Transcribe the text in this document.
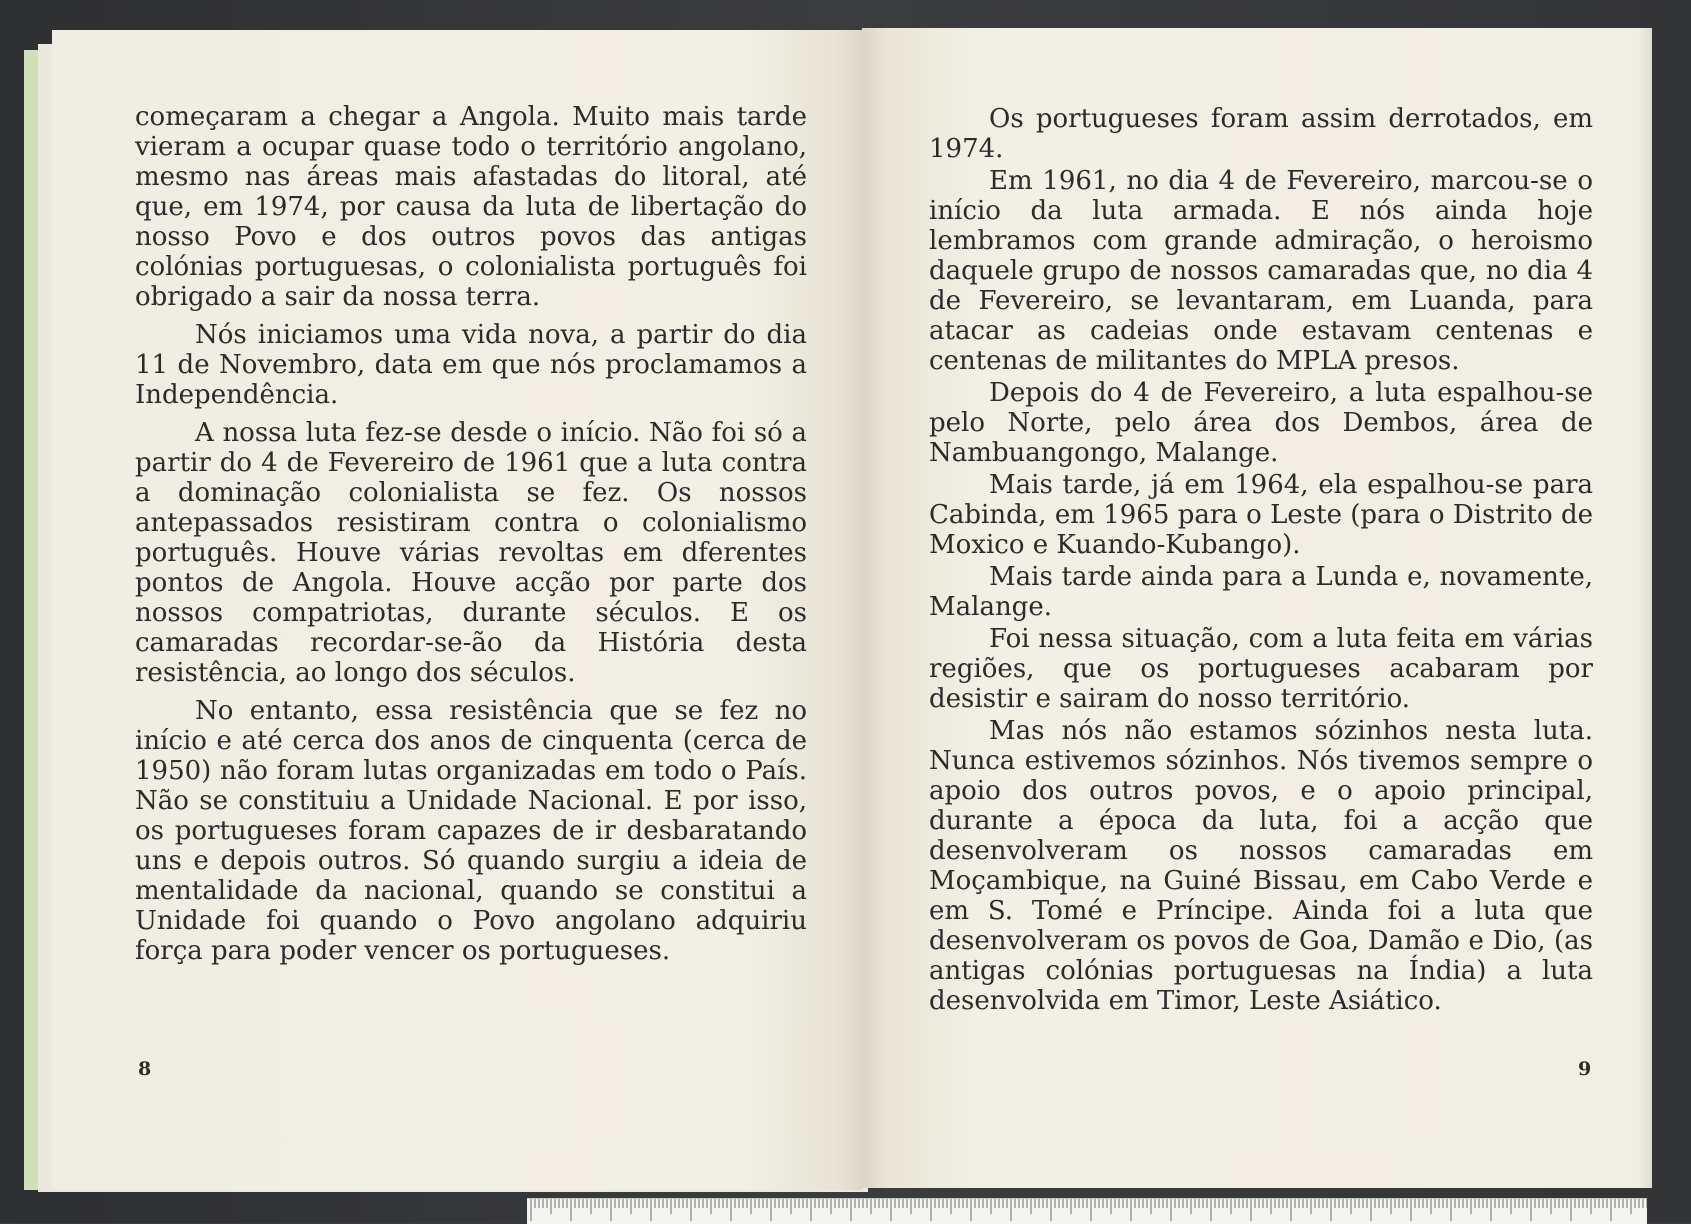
começaram a chegar a Angola. Muito mais tarde vieram a ocupar quase todo o território angolano, mesmo nas áreas mais afastadas do litoral, até que, em 1974, por causa da luta de libertação do nosso Povo e dos outros povos das antigas colónias portuguesas, o colonialista português foi obrigado a sair da nossa terra.

Nós iniciamos uma vida nova, a partir do dia 11 de Novembro, data em que nós proclamamos a Independência.

A nossa luta fez-se desde o início. Não foi só a partir do 4 de Fevereiro de 1961 que a luta contra a dominação colonialista se fez. Os nossos antepassados resistiram contra o colonialismo português. Houve várias revoltas em dferentes pontos de Angola. Houve acção por parte dos nossos compatriotas, durante séculos. E os camaradas recordar-se-ão da História desta resistência, ao longo dos séculos.

No entanto, essa resistência que se fez no início e até cerca dos anos de cinquenta (cerca de 1950) não foram lutas organizadas em todo o País. Não se constituiu a Unidade Nacional. E por isso, os portugueses foram capazes de ir desbaratando uns e depois outros. Só quando surgiu a ideia de mentalidade da nacional, quando se constitui a Unidade foi quando o Povo angolano adquiriu força para poder vencer os portugueses.

8

Os portugueses foram assim derrotados, em 1974.

Em 1961, no dia 4 de Fevereiro, marcou-se o início da luta armada. E nós ainda hoje lembramos com grande admiração, o heroismo daquele grupo de nossos camaradas que, no dia 4 de Fevereiro, se levantaram, em Luanda, para atacar as cadeias onde estavam centenas e centenas de militantes do MPLA presos.

Depois do 4 de Fevereiro, a luta espalhou-se pelo Norte, pelo área dos Dembos, área de Nambuangongo, Malange.

Mais tarde, já em 1964, ela espalhou-se para Cabinda, em 1965 para o Leste (para o Distrito de Moxico e Kuando-Kubango).

Mais tarde ainda para a Lunda e, novamente, Malange.

Foi nessa situação, com a luta feita em várias regiões, que os portugueses acabaram por desistir e sairam do nosso território.

Mas nós não estamos sózinhos nesta luta. Nunca estivemos sózinhos. Nós tivemos sempre o apoio dos outros povos, e o apoio principal, durante a época da luta, foi a acção que desenvolveram os nossos camaradas em Moçambique, na Guiné Bissau, em Cabo Verde e em S. Tomé e Príncipe. Ainda foi a luta que desenvolveram os povos de Goa, Damão e Dio, (as antigas colónias portuguesas na Índia) a luta desenvolvida em Timor, Leste Asiático.

9
